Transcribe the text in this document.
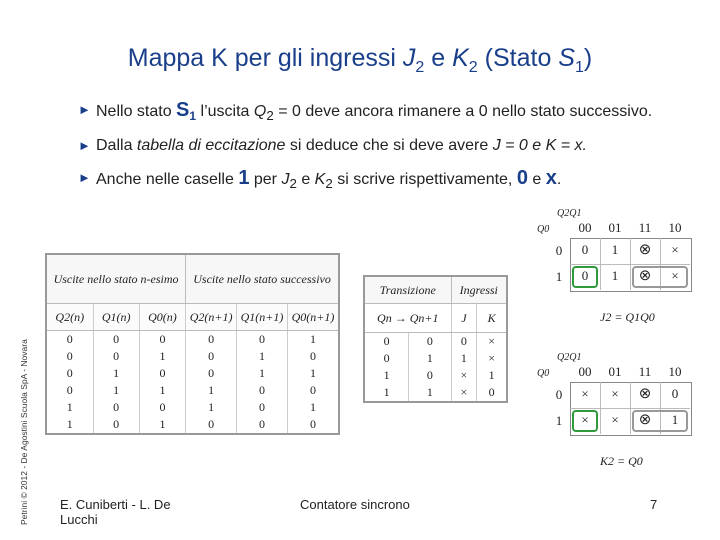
Mappa K per gli ingressi $J_2$ e $K_2$ (Stato $S_1$)
► Nello stato $S_1$ l’uscita $Q_2 = 0$ deve ancora rimanere a 0 nello stato successivo.
► Dalla tabella di eccitazione si deduce che si deve avere J = 0 e K = x.
► Anche nelle caselle 1 per $J_2$ e $K_2$ si scrive rispettivamente, 0 e x.
Petrini © 2012 - De Agostini Scuola SpA - Novara
Uscite nello stato n-esimo			Uscite nello stato successivo		
Q2(n)	Q1(n)	Q0(n)	Q2(n+1)	Q1(n+1)	Q0(n+1)
0	0	0	0	0	1
0	0	1	0	1	0
0	1	0	0	1	1
0	1	1	1	0	0
1	0	0	1	0	1
1	0	1	0	0	0
Transizione		Ingressi	
Qn → Qn+1		J	K
0	0	0	×
0	1	1	×
1	0	×	1
1	1	×	0
Q2Q1
Q0	00	01	11	10
0	0	1	⊗	×
1	0	1	⊗	×
J2 = Q1Q0
Q2Q1
Q0	00	01	11	10
0	×	×	⊗	0
1	×	×	⊗	1
K2 = Q0
E. Cuniberti - L. De Lucchi
Contatore sincrono	7
